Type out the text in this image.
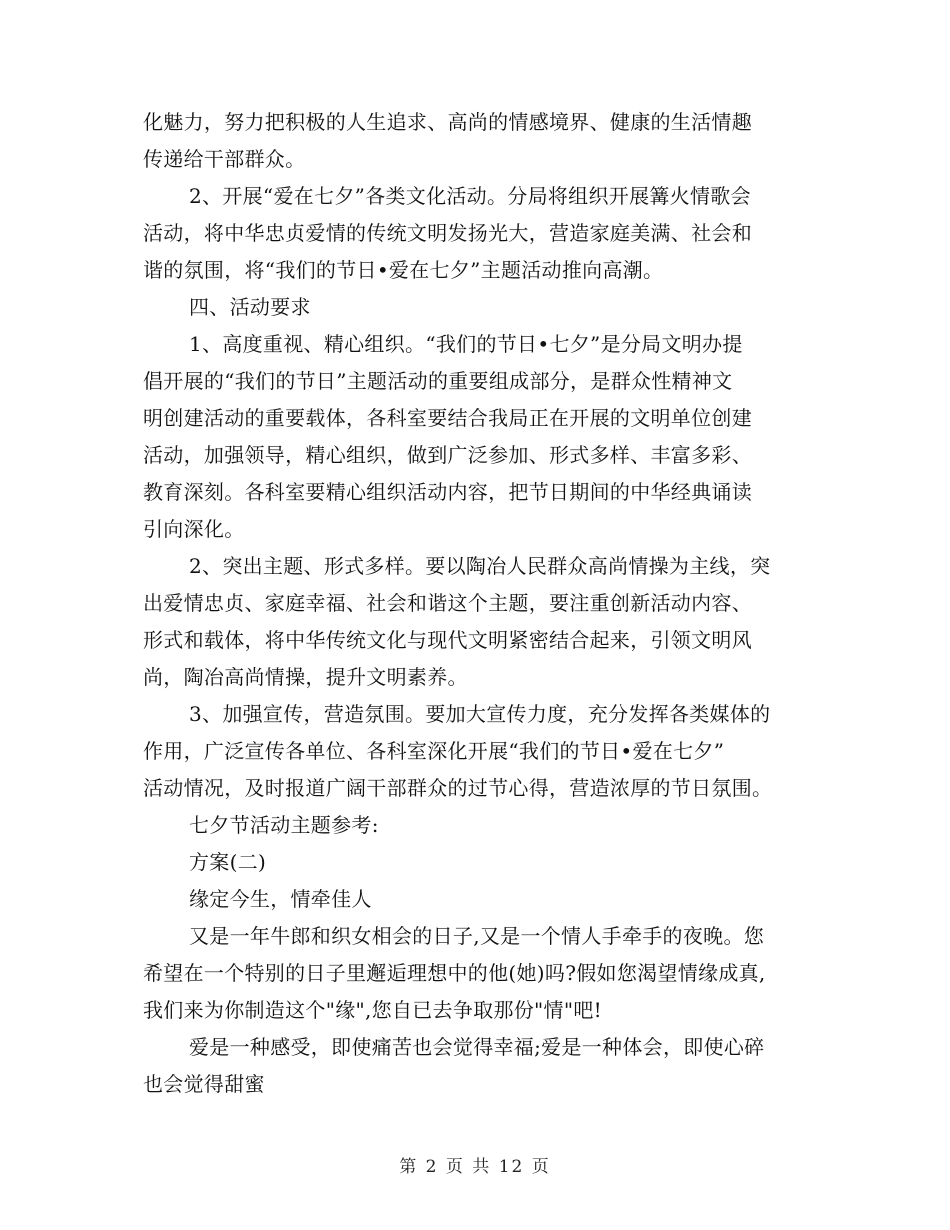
化魅力，努力把积极的人生追求、高尚的情感境界、健康的生活情趣
传递给干部群众。
2、开展“爱在七夕”各类文化活动。分局将组织开展篝火情歌会
活动，将中华忠贞爱情的传统文明发扬光大，营造家庭美满、社会和
谐的氛围，将“我们的节日•爱在七夕”主题活动推向高潮。
四、活动要求
1、高度重视、精心组织。“我们的节日•七夕”是分局文明办提
倡开展的“我们的节日”主题活动的重要组成部分，是群众性精神文
明创建活动的重要载体，各科室要结合我局正在开展的文明单位创建
活动，加强领导，精心组织，做到广泛参加、形式多样、丰富多彩、
教育深刻。各科室要精心组织活动内容，把节日期间的中华经典诵读
引向深化。
2、突出主题、形式多样。要以陶冶人民群众高尚情操为主线，突
出爱情忠贞、家庭幸福、社会和谐这个主题，要注重创新活动内容、
形式和载体，将中华传统文化与现代文明紧密结合起来，引领文明风
尚，陶冶高尚情操，提升文明素养。
3、加强宣传，营造氛围。要加大宣传力度，充分发挥各类媒体的
作用，广泛宣传各单位、各科室深化开展“我们的节日•爱在七夕”
活动情况，及时报道广阔干部群众的过节心得，营造浓厚的节日氛围。
七夕节活动主题参考:
方案(二)
缘定今生，情牵佳人
又是一年牛郎和织女相会的日子,又是一个情人手牵手的夜晚。您
希望在一个特别的日子里邂逅理想中的他(她)吗?假如您渴望情缘成真,
我们来为你制造这个"缘",您自已去争取那份"情"吧!
爱是一种感受，即使痛苦也会觉得幸福;爱是一种体会，即使心碎
也会觉得甜蜜
第 2 页 共 12 页
